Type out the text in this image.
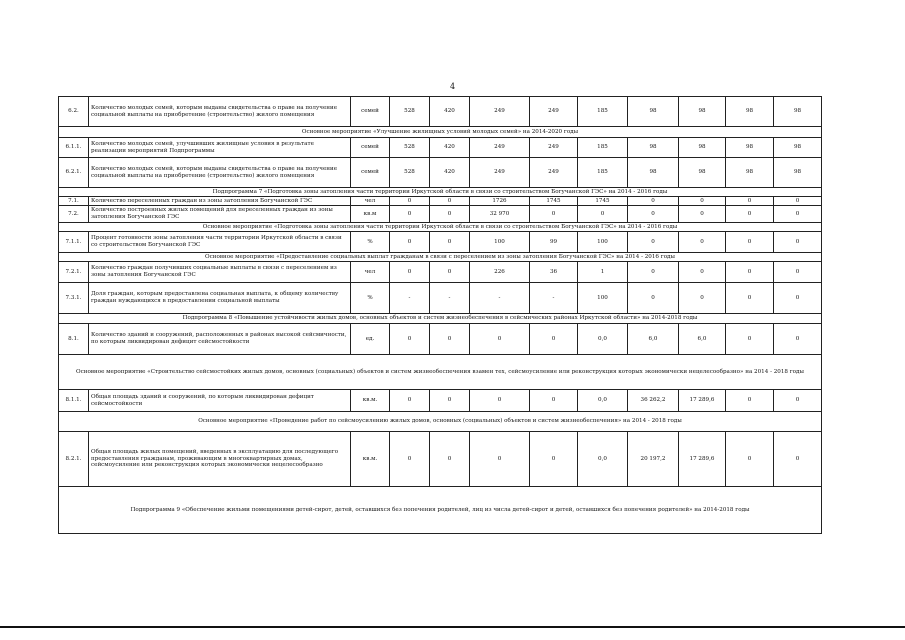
4
6.2.	Количество молодых семей, которым выданы свидетельства о праве на получение социальной выплаты на приобретение (строительство) жилого помещения	семей	528	420	249	249	185	98	98	98	98
Основное мероприятие «Улучшение жилищных условий молодых семей» на 2014-2020 годы											
6.1.1.	Количество молодых семей, улучшивших жилищные условия в результате реализации мероприятий Подпрограммы	семей	528	420	249	249	185	98	98	98	98
6.2.1.	Количество молодых семей, которым выданы свидетельства о праве на получение социальной выплаты на приобретение (строительство) жилого помещения	семей	528	420	249	249	185	98	98	98	98
Подпрограмма 7 «Подготовка зоны затопления части территории Иркутской области в связи со строительством Богучанской ГЭС» на 2014 - 2016 годы											
7.1.	Количество переселенных граждан из зоны затопления Богучанской ГЭС	чел	0	0	1726	1745	1745	0	0	0	0
7.2.	Количество построенных жилых помещений для переселенных граждан из зоны затопления Богучанской ГЭС	кв.м	0	0	32 970	0	0	0	0	0	0
Основное мероприятие «Подготовка зоны затопления части территории Иркутской области в связи со строительством Богучанской ГЭС» на 2014 - 2016 годы											
7.1.1.	Процент готовности зоны затопления части территории Иркутской области в связи со строительством Богучанской ГЭС	%	0	0	100	99	100	0	0	0	0
Основное мероприятие «Предоставление социальных выплат гражданам в связи с переселением из зоны затопления Богучанской ГЭС» на 2014 - 2016 годы											
7.2.1.	Количество граждан получивших социальные выплаты в связи с переселением из зоны затопления Богучанской ГЭС	чел	0	0	226	36	1	0	0	0	0
7.3.1.	Доля граждан, которым предоставлена социальная выплата, к общему количеству граждан нуждающихся в предоставлении социальной выплаты	%	-	-	-	-	100	0	0	0	0
Подпрограмма 8 «Повышение устойчивости жилых домов, основных объектов и систем жизнеобеспечения в сейсмических районах Иркутской области» на 2014-2018 годы											
8.1.	Количество зданий и сооружений, расположенных в районах высокой сейсмичности, по которым ликвидирован дефицит сейсмостойкости	ед.	0	0	0	0	0,0	6,0	6,0	0	0
Основное мероприятие «Строительство сейсмостойких жилых домов, основных (социальных) объектов и систем жизнеобеспечения взамен тех, сейсмоусиление или реконструкция которых экономически нецелесообразно» на 2014 - 2018 годы											
8.1.1.	Общая площадь зданий и сооружений, по которым ликвидирован дефицит сейсмостойкости	кв.м.	0	0	0	0	0,0	36 262,2	17 289,6	0	0
Основное мероприятие «Проведение работ по сейсмоусилению жилых домов, основных (социальных) объектов и систем жизнеобеспечения» на 2014 - 2018 годы											
8.2.1.	Общая площадь жилых помещений, введенных в эксплуатацию для последующего предоставления гражданам, проживающим в многоквартирных домах, сейсмоусиление или реконструкция которых экономически нецелесообразно	кв.м.	0	0	0	0	0,0	20 197,2	17 289,6	0	0
Подпрограмма 9 «Обеспечение жильми помещениями детей-сирот, детей, оставшихся без попечения родителей, лиц из числа детей-сирот и детей, оставшихся без попечения родителей» на 2014-2018 годы											
